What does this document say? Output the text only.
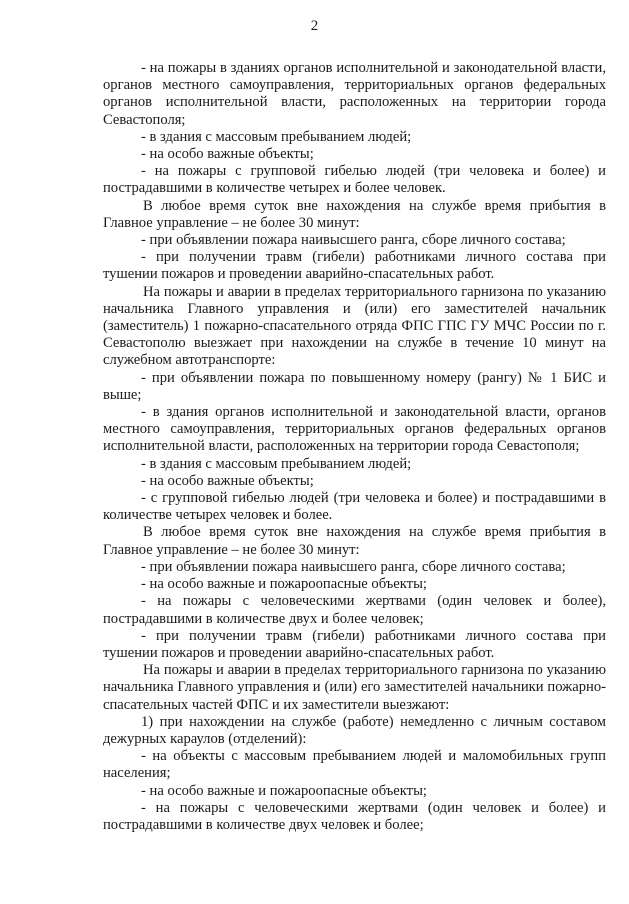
2

- на пожары в зданиях органов исполнительной и законодательной власти, органов местного самоуправления, территориальных органов федеральных органов исполнительной власти, расположенных на территории города Севастополя;

- в здания с массовым пребыванием людей;

- на особо важные объекты;

- на пожары с групповой гибелью людей (три человека и более) и пострадавшими в количестве четырех и более человек.

В любое время суток вне нахождения на службе время прибытия в Главное управление – не более 30 минут:

- при объявлении пожара наивысшего ранга, сборе личного состава;

- при получении травм (гибели) работниками личного состава при тушении пожаров и проведении аварийно-спасательных работ.

На пожары и аварии в пределах территориального гарнизона по указанию начальника Главного управления и (или) его заместителей начальник (заместитель) 1 пожарно-спасательного отряда ФПС ГПС ГУ МЧС России по г. Севастополю выезжает при нахождении на службе в течение 10 минут на служебном автотранспорте:

- при объявлении пожара по повышенному номеру (рангу) № 1 БИС и выше;

- в здания органов исполнительной и законодательной власти, органов местного самоуправления, территориальных органов федеральных органов исполнительной власти, расположенных на территории города Севастополя;

- в здания с массовым пребыванием людей;

- на особо важные объекты;

- с групповой гибелью людей (три человека и более) и пострадавшими в количестве четырех человек и более.

В любое время суток вне нахождения на службе время прибытия в Главное управление – не более 30 минут:

- при объявлении пожара наивысшего ранга, сборе личного состава;

- на особо важные и пожароопасные объекты;

- на пожары с человеческими жертвами (один человек и более), пострадавшими в количестве двух и более человек;

- при получении травм (гибели) работниками личного состава при тушении пожаров и проведении аварийно-спасательных работ.

На пожары и аварии в пределах территориального гарнизона по указанию начальника Главного управления и (или) его заместителей начальники пожарно-спасательных частей ФПС и их заместители выезжают:

1) при нахождении на службе (работе) немедленно с личным составом дежурных караулов (отделений):

- на объекты с массовым пребыванием людей и маломобильных групп населения;

- на особо важные и пожароопасные объекты;

- на пожары с человеческими жертвами (один человек и более) и пострадавшими в количестве двух человек и более;
